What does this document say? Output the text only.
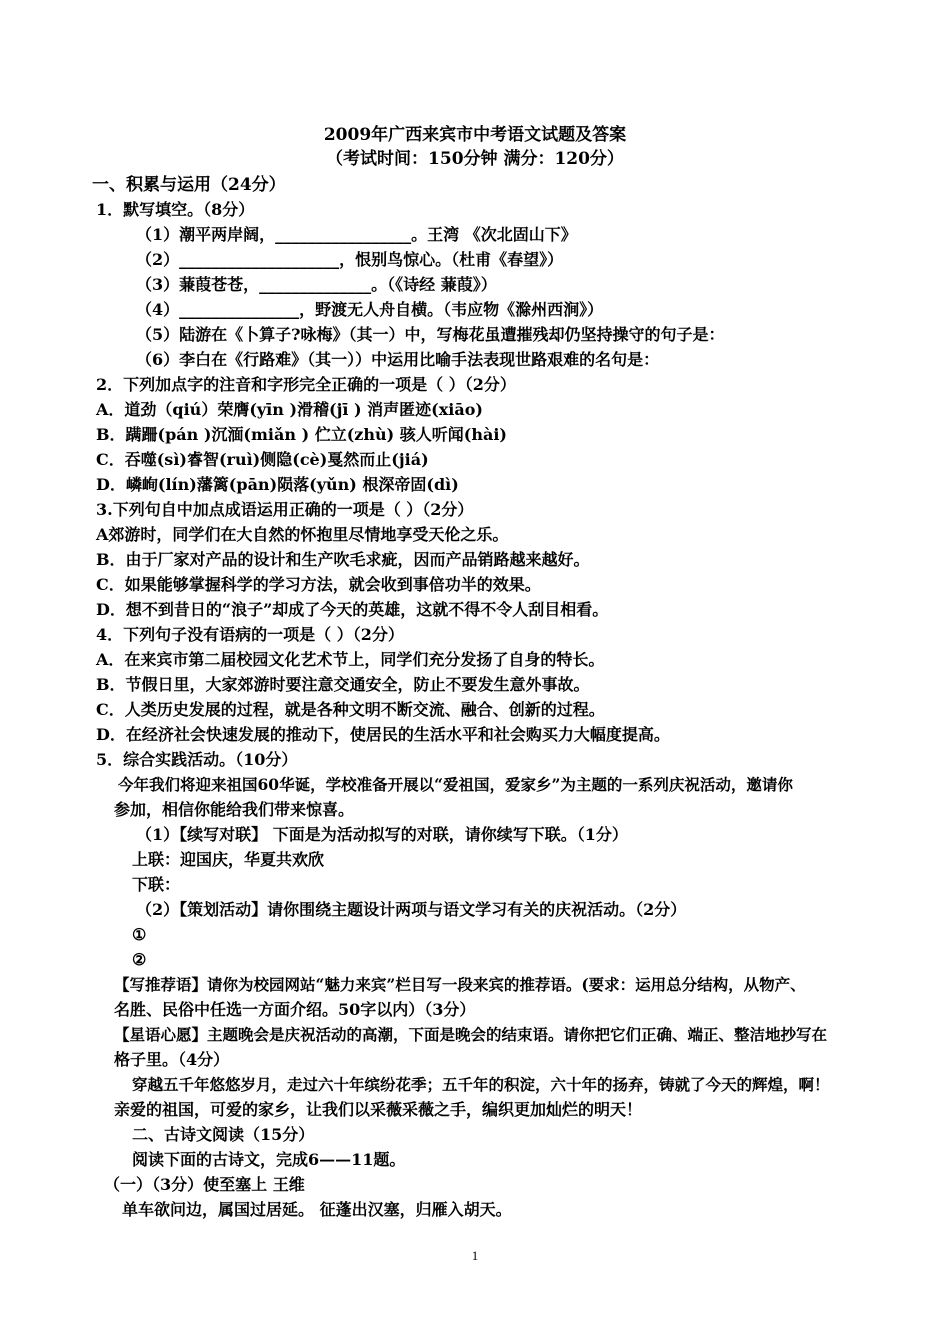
2009年广西来宾市中考语文试题及答案
（考试时间：150分钟 满分：120分）
一、积累与运用（24分）
1．默写填空。（8分）
（1）潮平两岸阔，_________________。王湾 《次北固山下》
（2）____________________，恨别鸟惊心。（杜甫《春望》）
（3）蒹葭苍苍，______________。（《诗经 蒹葭》）
（4）_______________，野渡无人舟自横。（韦应物《滁州西涧》）
（5）陆游在《卜算子?咏梅》（其一）中，写梅花虽遭摧残却仍坚持操守的句子是：
（6）李白在《行路难》（其一））中运用比喻手法表现世路艰难的名句是：
2．下列加点字的注音和字形完全正确的一项是（ ）（2分）
A．道劲（qiú）荣膺(yīn )滑稽(jī ) 消声匿迹(xiāo)
B．蹒跚(pán )沉湎(miǎn ) 伫立(zhù) 骇人听闻(hài)
C．吞噬(sì)睿智(ruì)侧隐(cè)戛然而止(jiá)
D．嶙峋(lín)藩篱(pān)陨落(yǔn) 根深帝固(dì)
3.下列句自中加点成语运用正确的一项是（ ）（2分）
A郊游时，同学们在大自然的怀抱里尽情地享受天伦之乐。
B．由于厂家对产品的设计和生产吹毛求疵，因而产品销路越来越好。
C．如果能够掌握科学的学习方法，就会收到事倍功半的效果。
D．想不到昔日的“浪子”却成了今天的英雄，这就不得不令人刮目相看。
4．下列句子没有语病的一项是（ ）（2分）
A．在来宾市第二届校园文化艺术节上，同学们充分发扬了自身的特长。
B．节假日里，大家郊游时要注意交通安全，防止不要发生意外事故。
C．人类历史发展的过程，就是各种文明不断交流、融合、创新的过程。
D．在经济社会快速发展的推动下，使居民的生活水平和社会购买力大幅度提高。
5．综合实践活动。（10分）
今年我们将迎来祖国60华诞，学校准备开展以“爱祖国，爱家乡”为主题的一系列庆祝活动，邀请你
参加，相信你能给我们带来惊喜。
（1）【续写对联】 下面是为活动拟写的对联，请你续写下联。（1分）
上联：迎国庆，华夏共欢欣
下联：
（2）【策划活动】请你围绕主题设计两项与语文学习有关的庆祝活动。（2分）
①
②
【写推荐语】请你为校园网站“魅力来宾”栏目写一段来宾的推荐语。(要求：运用总分结构，从物产、
名胜、民俗中任选一方面介绍。50字以内）（3分）
【星语心愿】主题晚会是庆祝活动的高潮，下面是晚会的结束语。请你把它们正确、端正、整洁地抄写在
格子里。（4分）
穿越五千年悠悠岁月，走过六十年缤纷花季；五千年的积淀，六十年的扬弃，铸就了今天的辉煌，啊！
亲爱的祖国，可爱的家乡，让我们以采薇采薇之手，编织更加灿烂的明天！
二、古诗文阅读（15分）
阅读下面的古诗文，完成6——11题。
（一）（3分）使至塞上 王维
单车欲问边，属国过居延。 征蓬出汉塞，归雁入胡天。
1
